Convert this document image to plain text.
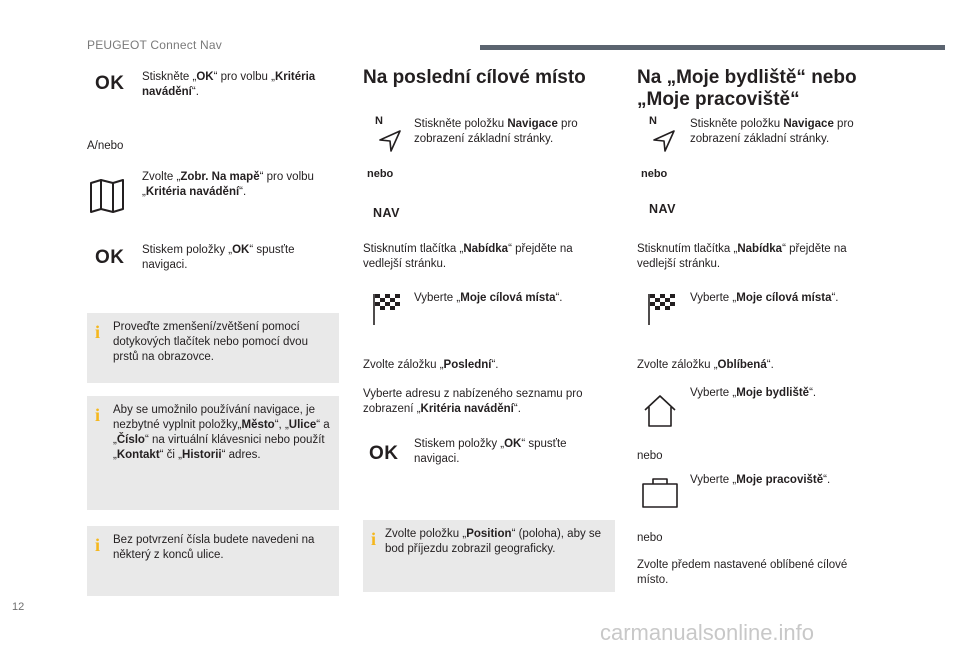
PEUGEOT Connect Nav
OK Stiskněte „OK“ pro volbu „Kritéria navádění“.
A/nebo
Zvolte „Zobr. Na mapě“ pro volbu „Kritéria navádění“.
OK Stiskem položky „OK“ spusťte navigaci.
i Proveďte zmenšení/zvětšení pomocí dotykových tlačítek nebo pomocí dvou prstů na obrazovce.
i Aby se umožnilo používání navigace, je nezbytné vyplnit položky„Město“, „Ulice“ a „Číslo“ na virtuální klávesnici nebo použít „Kontakt“ či „Historii“ adres.
i Bez potvrzení čísla budete navedeni na některý z konců ulice.
Na poslední cílové místo
N	Stiskněte položku Navigace pro zobrazení základní stránky.
nebo
NAV
Stisknutím tlačítka „Nabídka“ přejděte na vedlejší stránku.
Vyberte „Moje cílová místa“.
Zvolte záložku „Poslední“.
Vyberte adresu z nabízeného seznamu pro zobrazení „Kritéria navádění“.
OK Stiskem položky „OK“ spusťte navigaci.
i Zvolte položku „Position“ (poloha), aby se bod příjezdu zobrazil geograficky.
Na „Moje bydliště“ nebo
„Moje pracoviště“
N	Stiskněte položku Navigace pro zobrazení základní stránky.
nebo
NAV
Stisknutím tlačítka „Nabídka“ přejděte na vedlejší stránku.
Vyberte „Moje cílová místa“.
Zvolte záložku „Oblíbená“.
Vyberte „Moje bydliště“.
nebo
Vyberte „Moje pracoviště“.
nebo
Zvolte předem nastavené oblíbené cílové místo.
12
carmanualsonline.info
